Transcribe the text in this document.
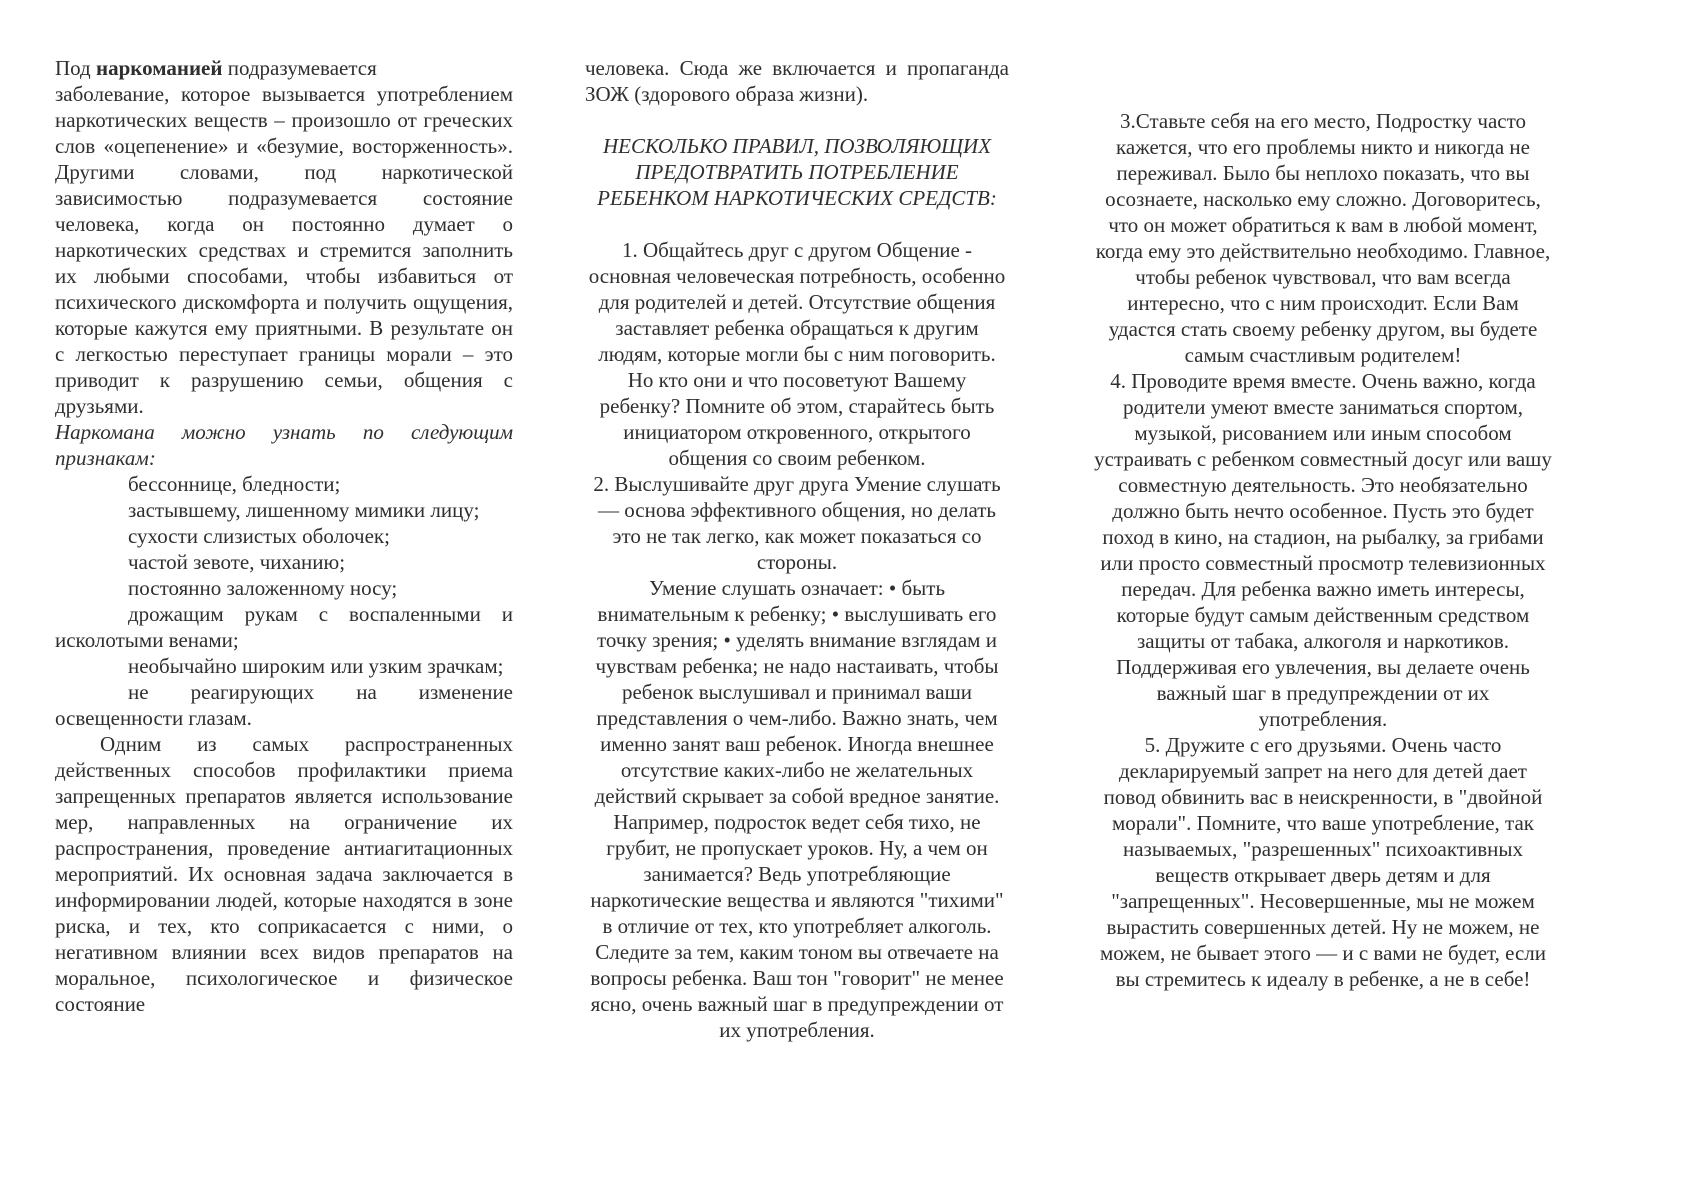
Под наркоманией подразумевается

заболевание, которое вызывается употреблением наркотических веществ – произошло от греческих слов «оцепенение» и «безумие, восторженность». Другими словами, под наркотической зависимостью подразумевается состояние человека, когда он постоянно думает о наркотических средствах и стремится заполнить их любыми способами, чтобы избавиться от психического дискомфорта и получить ощущения, которые кажутся ему приятными. В результате он с легкостью переступает границы морали – это приводит к разрушению семьи, общения с друзьями.

Наркомана можно узнать по следующим признакам:

бессоннице, бледности;

застывшему, лишенному мимики лицу;

сухости слизистых оболочек;

частой зевоте, чиханию;

постоянно заложенному носу;

дрожащим рукам с воспаленными и исколотыми венами;

необычайно широким или узким зрачкам;

не реагирующих на изменение освещенности глазам.

Одним из самых распространенных действенных способов профилактики приема запрещенных препаратов является использование мер, направленных на ограничение их распространения, проведение антиагитационных мероприятий. Их основная задача заключается в информировании людей, которые находятся в зоне риска, и тех, кто соприкасается с ними, о негативном влиянии всех видов препаратов на моральное, психологическое и физическое состояние

человека. Сюда же включается и пропаганда ЗОЖ (здорового образа жизни).

НЕСКОЛЬКО ПРАВИЛ, ПОЗВОЛЯЮЩИХ ПРЕДОТВРАТИТЬ ПОТРЕБЛЕНИЕ РЕБЕНКОМ НАРКОТИЧЕСКИХ СРЕДСТВ:

1. Общайтесь друг с другом Общение - основная человеческая потребность, особенно для родителей и детей. Отсутствие общения заставляет ребенка обращаться к другим людям, которые могли бы с ним поговорить. Но кто они и что посоветуют Вашему ребенку? Помните об этом, старайтесь быть инициатором откровенного, открытого общения со своим ребенком.

2. Выслушивайте друг друга Умение слушать — основа эффективного общения, но делать это не так легко, как может показаться со стороны.

Умение слушать означает: • быть внимательным к ребенку; • выслушивать его точку зрения; • уделять внимание взглядам и чувствам ребенка; не надо настаивать, чтобы ребенок выслушивал и принимал ваши представления о чем-либо. Важно знать, чем именно занят ваш ребенок. Иногда внешнее отсутствие каких-либо не желательных действий скрывает за собой вредное занятие. Например, подросток ведет себя тихо, не грубит, не пропускает уроков. Ну, а чем он занимается? Ведь употребляющие наркотические вещества и являются "тихими" в отличие от тех, кто употребляет алкоголь. Следите за тем, каким тоном вы отвечаете на вопросы ребенка. Ваш тон "говорит" не менее ясно, очень важный шаг в предупреждении от их употребления.

3.Ставьте себя на его место, Подростку часто кажется, что его проблемы никто и никогда не переживал. Было бы неплохо показать, что вы осознаете, насколько ему сложно. Договоритесь, что он может обратиться к вам в любой момент, когда ему это действительно необходимо. Главное, чтобы ребенок чувствовал, что вам всегда интересно, что с ним происходит. Если Вам удастся стать своему ребенку другом, вы будете самым счастливым родителем!

4. Проводите время вместе. Очень важно, когда родители умеют вместе заниматься спортом, музыкой, рисованием или иным способом устраивать с ребенком совместный досуг или вашу совместную деятельность. Это необязательно должно быть нечто особенное. Пусть это будет поход в кино, на стадион, на рыбалку, за грибами или просто совместный просмотр телевизионных передач. Для ребенка важно иметь интересы, которые будут самым действенным средством защиты от табака, алкоголя и наркотиков. Поддерживая его увлечения, вы делаете очень важный шаг в предупреждении от их употребления.

5. Дружите с его друзьями. Очень часто декларируемый запрет на него для детей дает повод обвинить вас в неискренности, в "двойной морали". Помните, что ваше употребление, так называемых, "разрешенных" психоактивных веществ открывает дверь детям и для "запрещенных". Несовершенные, мы не можем вырастить совершенных детей. Ну не можем, не можем, не бывает этого — и с вами не будет, если вы стремитесь к идеалу в ребенке, а не в себе!
